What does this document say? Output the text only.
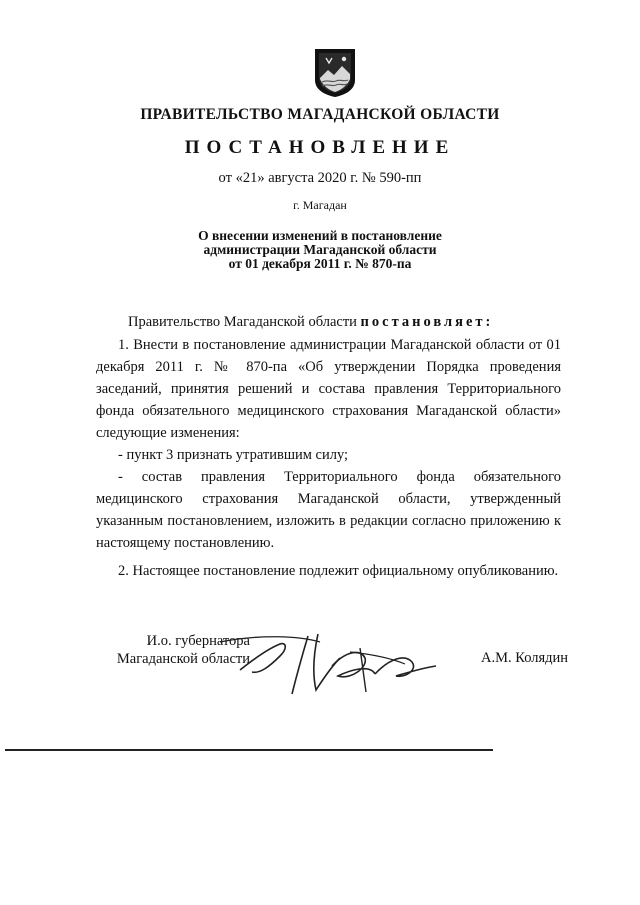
ПРАВИТЕЛЬСТВО МАГАДАНСКОЙ ОБЛАСТИ
ПОСТАНОВЛЕНИЕ
от «21» августа 2020 г. № 590-пп
г. Магадан
О внесении изменений в постановление
администрации Магаданской области
от 01 декабря 2011 г. № 870-па
Правительство Магаданской области постановляет:
1. Внести в постановление администрации Магаданской области от 01 декабря 2011 г. № 870-па «Об утверждении Порядка проведения заседаний, принятия решений и состава правления Территориального фонда обязательного медицинского страхования Магаданской области» следующие изменения:
- пункт 3 признать утратившим силу;
- состав правления Территориального фонда обязательного медицинского страхования Магаданской области, утвержденный указанным постановлением, изложить в редакции согласно приложению к настоящему постановлению.
2. Настоящее постановление подлежит официальному опубликованию.
И.о. губернатора
Магаданской области	А.М. Колядин
